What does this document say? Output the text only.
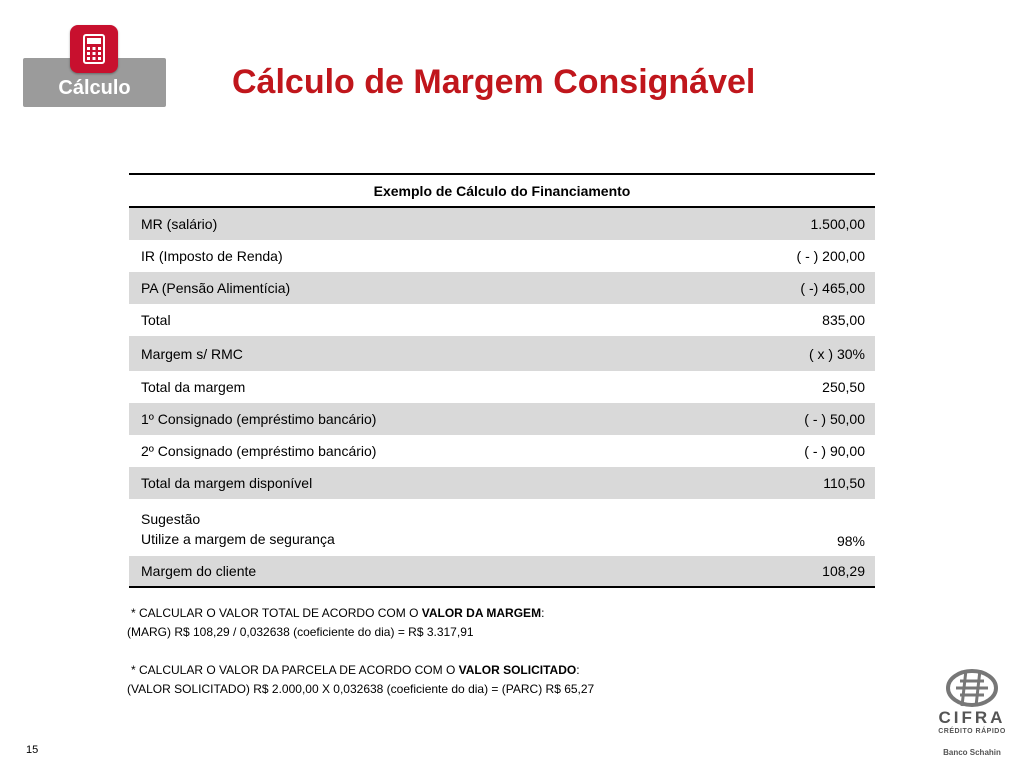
Cálculo	Cálculo de Margem Consignável
Exemplo de Cálculo do Financiamento	
MR (salário)	1.500,00
IR (Imposto de Renda)	( - ) 200,00
PA (Pensão Alimentícia)	( -) 465,00
Total	835,00
Margem s/ RMC	( x ) 30%
Total da margem	250,50
1º Consignado (empréstimo bancário)	( - ) 50,00
2º Consignado (empréstimo bancário)	( - ) 90,00
Total da margem disponível	110,50

Sugestão
Utilize a margem de segurança	98%
Margem do cliente	108,29
* CALCULAR O VALOR TOTAL DE ACORDO COM O VALOR DA MARGEM:
(MARG) R$ 108,29 / 0,032638 (coeficiente do dia) = R$ 3.317,91
* CALCULAR O VALOR DA PARCELA DE ACORDO COM O VALOR SOLICITADO:
(VALOR SOLICITADO) R$ 2.000,00 X 0,032638 (coeficiente do dia) = (PARC) R$ 65,27
15
CIFRA
CRÉDITO RÁPIDO
Banco Schahin
